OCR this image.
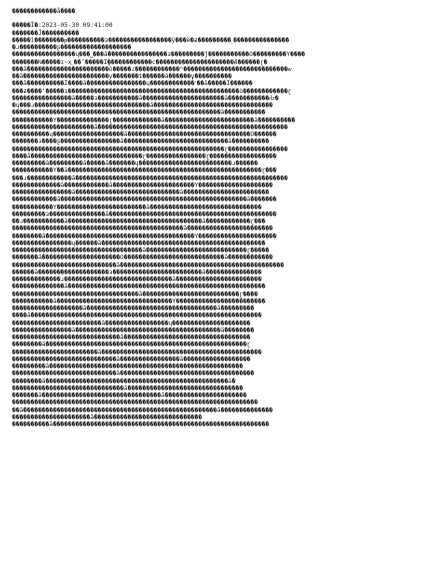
������������ǻ����
�����Ϊ�:2023-05-30 09:41:00
�������Ĵ����������
�����ì��������ᵽ����������ɜ�����������������ÿ���ë�ƶ���������˻���������������
�ɹ����������ʂ�������������������
�����������������ɥ���˽���ǻ����������������ɜ���������ǰ�����������Ӧ���������Ŷ����
�������Ƕ�����ɪ̴ҳ˼��ʼ�����Ϊ̬������������ϲ���������������������Ǽ������ɽ�
���ǻ����������������������ò�����ɾ������������ʱ����������������������������ѡ
��ǻ�����������������������ƴ�������ȶ������ǻ������ұ����������
���ǻ����������Ϊ����ǻ����������������ɥ������������˹��ǻ�����Ϊ������
���ƶ����ʻ�����ɜ����������������������������������������������ȱ������������ɽ
����������������ǻ�����ɜ�����������ǻ����������������������ǻ�����������ǳ�
�ɥ���ɹ�������������������������������ǻ��������������������������������
��������������������������������������������������������ǻ�����������
�����������Ŷ��������������ɽ�������������ǻ������������������������ǻ����������
����������������������ǻ���������������������������������������������������
����������ɥ�������������������ǻ���������������������������������Ӧ������
�������ɜ����ʂ����������������ǻ����������������������������ǻ����������
���������������������������������������������������������ɽ����������������
����ǻ������������������������������ɽ����������������ɽ������������������
���������ǻ���������ǻ�����ǻ�������ɥ�������������������������ɹ������
�����������Ŷ��ǻ����������������������������������������������������ɽ���
���ɹ������������ǻ���������������������������������������������������������
�������������ǻ������������ǻ����������������������Ŷ��������������������
����������������ǻ����������������������������ǻ�����������������������
������������ǻ��������������������������������������������������ǻ�������
�����������Ŷ������������������������ǻ������������������������������
���������ɜ���������������ǻ���������������������������������������������
��ɹ�����������ǻ������������������������������������ǻ������������ɽ���
����������������������������������������������ǻ�����������������������
��������ǻ����������������������������������������Ŷ���������������������
����������������ɥ������ǻ��������������������������������������������
�����������������������������������ǻ���������������������������ɽ�����
�������ǻ���������������������Ӧ���������������������������ǻ������������
����������������������������ǻ��������������������������������������������
������ǻ�������������������ɜ������������������������ǻ���������������
�������������ɹ�����������������������������ǻ�����������������������
��������������ǻ�����������������������������������������������������
����������������������������������ǻ��������������������������ɽ����
�����������ǻ�������������������������������Ŷ������������������������
�������������������ǻ�����������������������������������ǻ���������
����ǻ��������������������������������������������������������������
������������������������ǻ�����������������ɥ���������������������
����������������ǻ���������������������������������������ǻ��������
�����������������������������ǻ����������������������������������
��������ǻ������������������������������������������������������ɽ
�����������������������ǻ�������������������������������������������
����������������������������ǻ����������������ǻ������������������
���������ǻ����������������������������������������������������
����������������������������ǻ������������������������������������
��������ǻ�������������������������������������������������ǻ�
������������������������������ǻ�������������������������������
�������ǻ��������������������������������ǻ����������������������
������������������������������������������������������������������
��ǻ����������������������������������������������������ǻ��������������
���������������������ǻ�����������������������������
����������ǻ����������������������������������������������������������
